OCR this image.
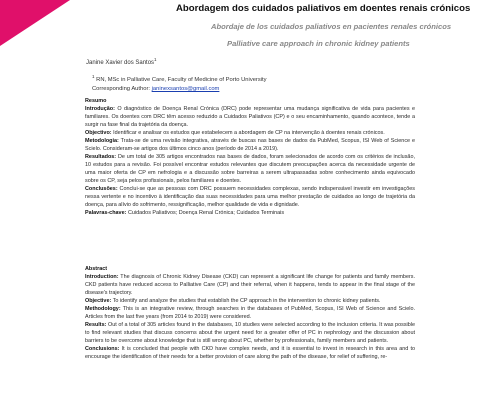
Abordagem dos cuidados paliativos em doentes renais crónicos
Abordaje de los cuidados paliativos en pacientes renales crónicos
Palliative care approach in chronic kidney patients
Janine Xavier dos Santos$^1$
$^1$ RN, MSc in Palliative Care, Faculty of Medicine of Porto University
Corresponding Author: janinexsantos@gmail.com

Resumo

Introdução: O diagnóstico de Doença Renal Crónica (DRC) pode representar uma mudança significativa de vida para pacientes e familiares. Os doentes com DRC têm acesso reduzido a Cuidados Paliativos (CP) e o seu encaminhamento, quando acontece, tende a surgir na fase final da trajetória da doença.

Objectivo: Identificar e analisar os estudos que estabelecem a abordagem de CP na intervenção à doentes renais crónicos.

Metodologia: Trata-se de uma revisão integrativa, através de buscas nas bases de dados da PubMed, Scopus, ISI Web of Science e Scielo. Consideram-se artigos dos últimos cinco anos (período de 2014 a 2019).

Resultados: De um total de 305 artigos encontrados nas bases de dados, foram selecionados de acordo com os critérios de inclusão, 10 estudos para a revisão. Foi possível encontrar estudos relevantes que discutem preocupações acerca da necessidade urgente de uma maior oferta de CP em nefrologia e a discussão sobre barreiras a serem ultrapassadas sobre conhecimento ainda equivocado sobre os CP, seja pelos profissionais, pelos familiares e doentes.

Conclusões: Conclui-se que as pessoas com DRC possuem necessidades complexas, sendo indispensável investir em investigações nessa vertente e no incentivo à identificação das suas necessidades para uma melhor prestação de cuidados ao longo de trajetória da doença, para alívio do sofrimento, ressignificação, melhor qualidade de vida e dignidade.

Palavras-chave: Cuidados Paliativos; Doença Renal Crónica; Cuidados Terminais

Abstract

Introduction: The diagnosis of Chronic Kidney Disease (CKD) can represent a significant life change for patients and family members. CKD patients have reduced access to Palliative Care (CP) and their referral, when it happens, tends to appear in the final stage of the disease's trajectory.

Objective: To identify and analyze the studies that establish the CP approach in the intervention to chronic kidney patients.

Methodology: This is an integrative review, through searches in the databases of PubMed, Scopus, ISI Web of Science and Scielo. Articles from the last five years (from 2014 to 2019) were considered.

Results: Out of a total of 305 articles found in the databases, 10 studies were selected according to the inclusion criteria. It was possible to find relevant studies that discuss concerns about the urgent need for a greater offer of PC in nephrology and the discussion about barriers to be overcome about knowledge that is still wrong about PC, whether by professionals, family members and patients.

Conclusions: It is concluded that people with CKD have complex needs, and it is essential to invest in research in this area and to encourage the identification of their needs for a better provision of care along the path of the disease, for relief of suffering, re-
